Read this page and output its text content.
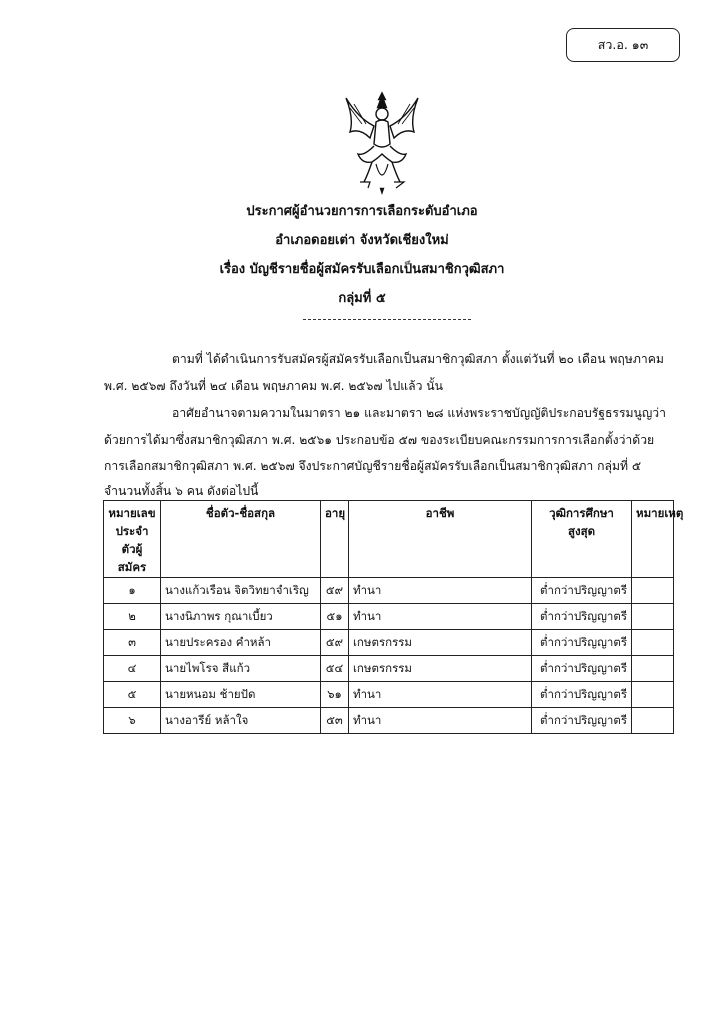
สว.อ. ๑๓
ประกาศผู้อำนวยการการเลือกระดับอำเภอ
อำเภอดอยเต่า จังหวัดเชียงใหม่
เรื่อง บัญชีรายชื่อผู้สมัครรับเลือกเป็นสมาชิกวุฒิสภา
กลุ่มที่ ๕
ตามที่ ได้ดำเนินการรับสมัครผู้สมัครรับเลือกเป็นสมาชิกวุฒิสภา ตั้งแต่วันที่ ๒๐ เดือน พฤษภาคม
พ.ศ. ๒๕๖๗ ถึงวันที่ ๒๔ เดือน พฤษภาคม พ.ศ. ๒๕๖๗ ไปแล้ว นั้น
อาศัยอำนาจตามความในมาตรา ๒๑ และมาตรา ๒๘ แห่งพระราชบัญญัติประกอบรัฐธรรมนูญว่า
ด้วยการได้มาซึ่งสมาชิกวุฒิสภา พ.ศ. ๒๕๖๑ ประกอบข้อ ๕๗ ของระเบียบคณะกรรมการการเลือกตั้งว่าด้วย
การเลือกสมาชิกวุฒิสภา พ.ศ. ๒๕๖๗ จึงประกาศบัญชีรายชื่อผู้สมัครรับเลือกเป็นสมาชิกวุฒิสภา กลุ่มที่ ๕
จำนวนทั้งสิ้น ๖ คน ดังต่อไปนี้
หมายเลขประจำตัวผู้สมัคร	ชื่อตัว-ชื่อสกุล	อายุ	อาชีพ	วุฒิการศึกษาสูงสุด	หมายเหตุ
๑	นางแก้วเรือน จิตวิทยาจำเริญ	๕๙	ทำนา	ต่ำกว่าปริญญาตรี	
๒	นางนิภาพร กุณาเบี้ยว	๕๑	ทำนา	ต่ำกว่าปริญญาตรี	
๓	นายประครอง คำหล้า	๕๙	เกษตรกรรม	ต่ำกว่าปริญญาตรี	
๔	นายไพโรจ สีแก้ว	๕๔	เกษตรกรรม	ต่ำกว่าปริญญาตรี	
๕	นายหนอม ช้ายปัด	๖๑	ทำนา	ต่ำกว่าปริญญาตรี	
๖	นางอารีย์ หล้าใจ	๕๓	ทำนา	ต่ำกว่าปริญญาตรี	
